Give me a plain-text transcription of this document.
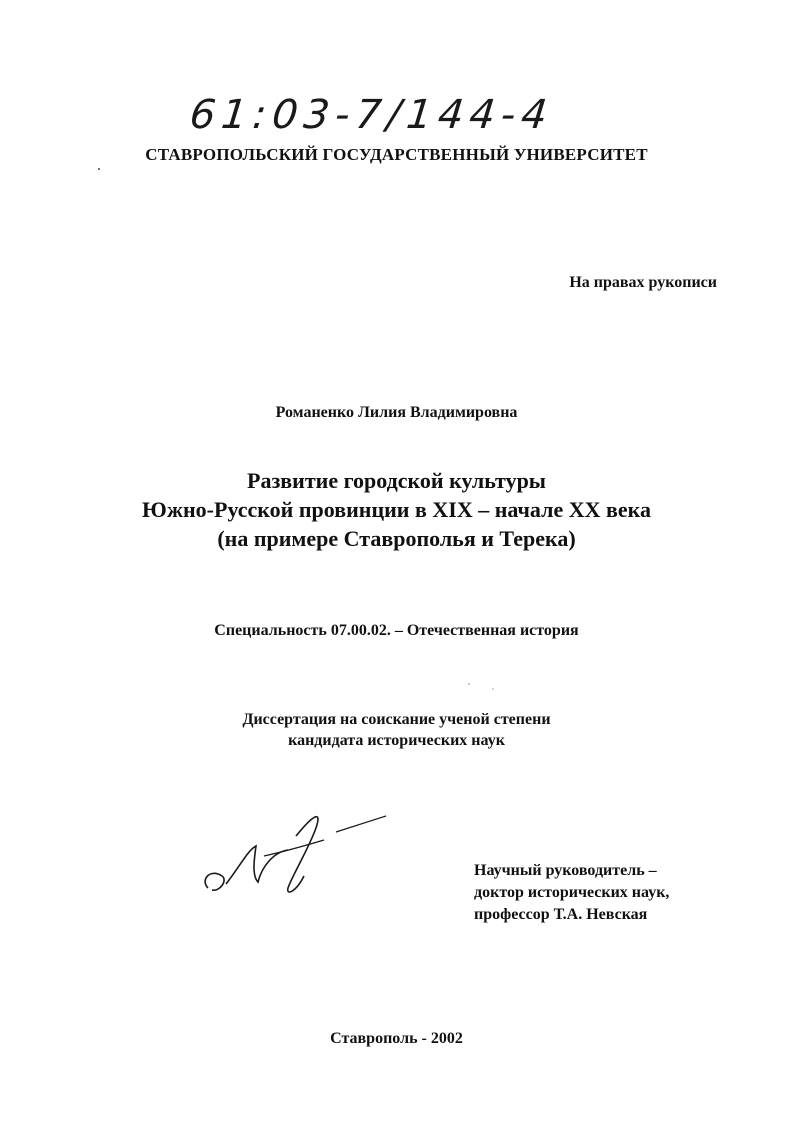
61:03-7/144-4
СТАВРОПОЛЬСКИЙ ГОСУДАРСТВЕННЫЙ УНИВЕРСИТЕТ
На правах рукописи
Романенко Лилия Владимировна
Развитие городской культуры
Южно-Русской провинции в XIX – начале XX века
(на примере Ставрополья и Терека)
Специальность 07.00.02. – Отечественная история
Диссертация на соискание ученой степени
кандидата исторических наук
Научный руководитель –
доктор исторических наук,
профессор Т.А. Невская
Ставрополь - 2002
